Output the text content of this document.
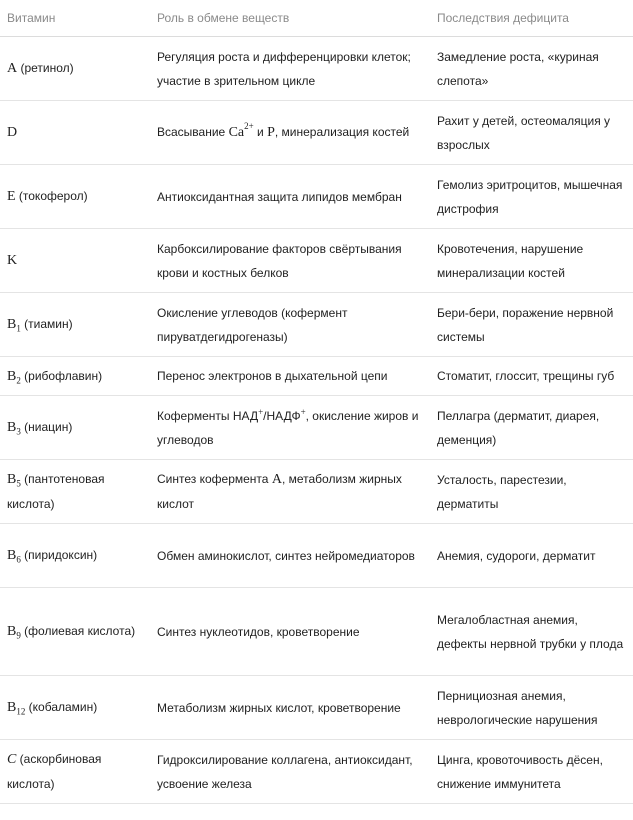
Витамин	Роль в обмене веществ	Последствия дефицита
A (ретинол)	Регуляция роста и дифференцировки клеток; участие в зрительном цикле	Замедление роста, «куриная слепота»
D	Всасывание $Ca^{2+}$ и P, минерализация костей	Рахит у детей, остеомаляция у взрослых
E (токоферол)	Антиоксидантная защита липидов мембран	Гемолиз эритроцитов, мышечная дистрофия
K	Карбоксилирование факторов свёртывания крови и костных белков	Кровотечения, нарушение минерализации костей
$B_1$ (тиамин)	Окисление углеводов (кофермент пируватдегидрогеназы)	Бери-бери, поражение нервной системы
$B_2$ (рибофлавин)	Перенос электронов в дыхательной цепи	Стоматит, глоссит, трещины губ
$B_3$ (ниацин)	Коферменты НАД+/НАДФ+, окисление жиров и углеводов	Пеллагра (дерматит, диарея, деменция)
$B_5$ (пантотеновая кислота)	Синтез кофермента A, метаболизм жирных кислот	Усталость, парестезии, дерматиты
$B_6$ (пиридоксин)	Обмен аминокислот, синтез нейромедиаторов	Анемия, судороги, дерматит
$B_9$ (фолиевая кислота)	Синтез нуклеотидов, кроветворение	Мегалобластная анемия, дефекты нервной трубки у плода
$B_{12}$ (кобаламин)	Метаболизм жирных кислот, кроветворение	Пернициозная анемия, неврологические нарушения
C (аскорбиновая кислота)	Гидроксилирование коллагена, антиоксидант, усвоение железа	Цинга, кровоточивость дёсен, снижение иммунитета
